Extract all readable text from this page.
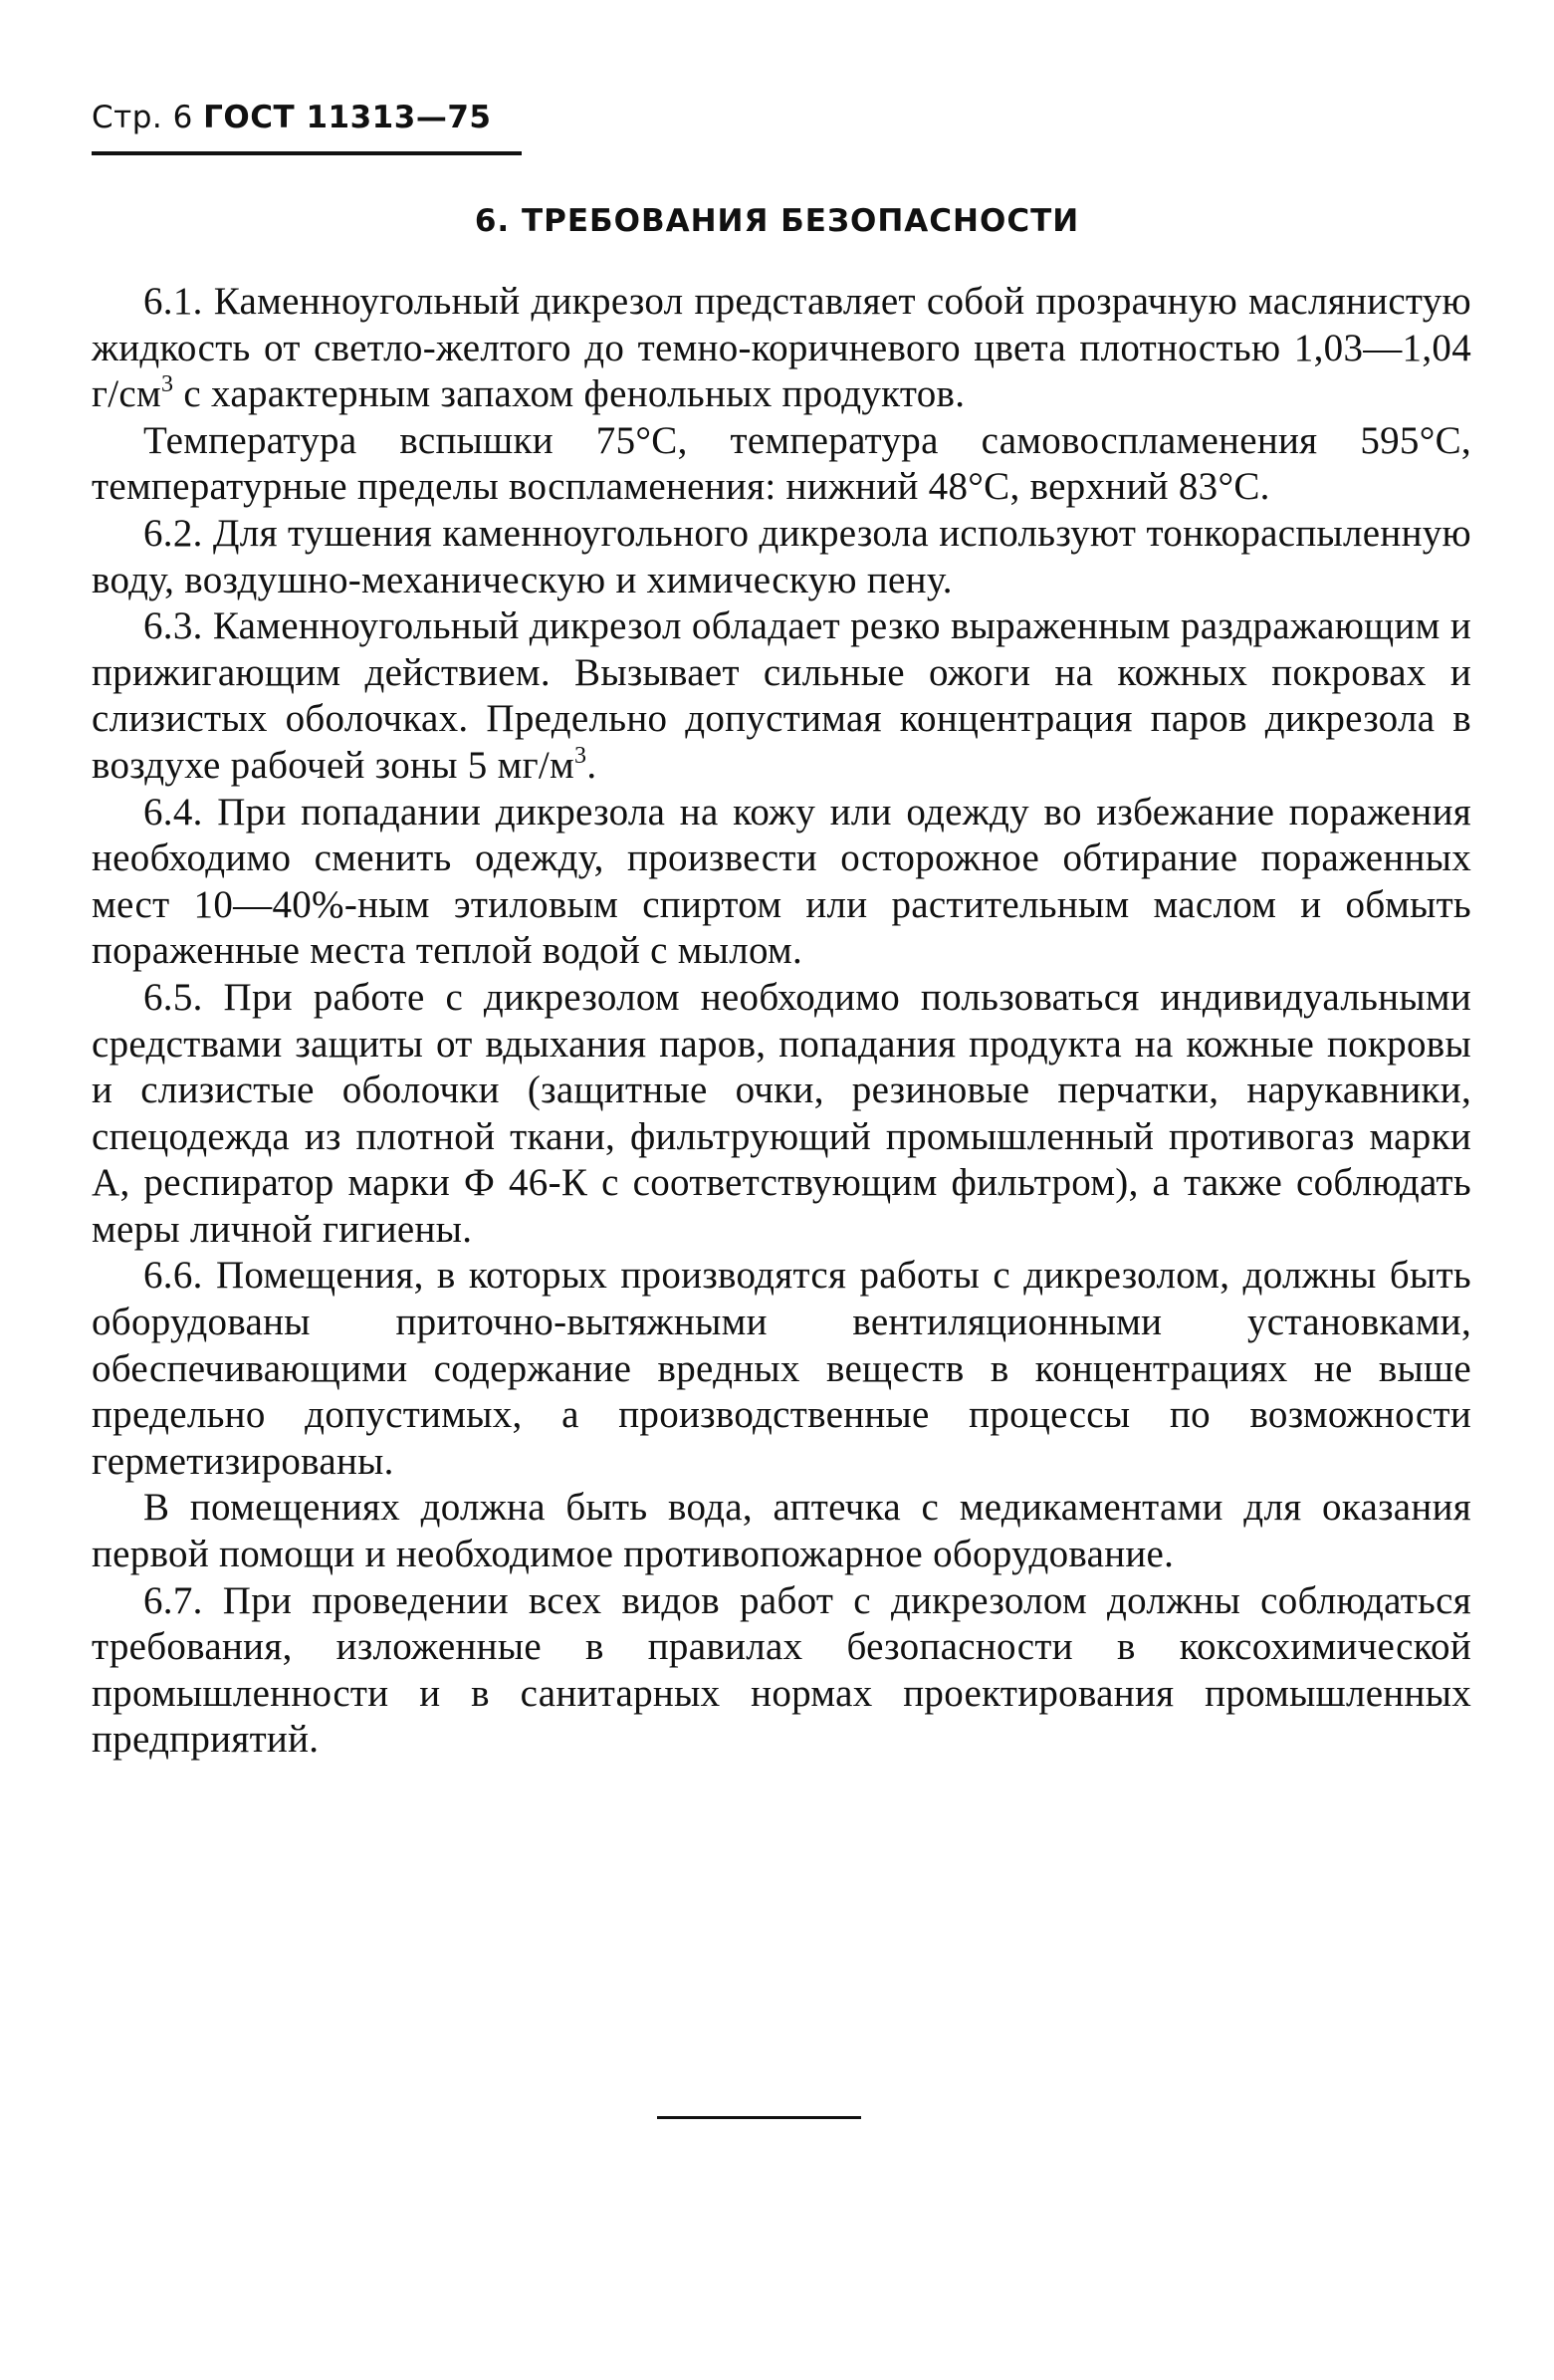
Стр. 6 ГОСТ 11313—75
6. ТРЕБОВАНИЯ БЕЗОПАСНОСТИ

6.1. Каменноугольный дикрезол представляет собой прозрачную маслянистую жидкость от светло-желтого до темно-коричневого цвета плотностью 1,03—1,04 $г/см^3$ с характерным запахом фенольных продуктов.

Температура вспышки 75°С, температура самовоспламенения 595°С, температурные пределы воспламенения: нижний 48°С, верхний 83°С.

6.2. Для тушения каменноугольного дикрезола используют тонкораспыленную воду, воздушно-механическую и химическую пену.

6.3. Каменноугольный дикрезол обладает резко выраженным раздражающим и прижигающим действием. Вызывает сильные ожоги на кожных покровах и слизистых оболочках. Предельно допустимая концентрация паров дикрезола в воздухе рабочей зоны 5 $мг/м^3$.

6.4. При попадании дикрезола на кожу или одежду во избежание поражения необходимо сменить одежду, произвести осторожное обтирание пораженных мест 10—40%-ным этиловым спиртом или растительным маслом и обмыть пораженные места теплой водой с мылом.

6.5. При работе с дикрезолом необходимо пользоваться индивидуальными средствами защиты от вдыхания паров, попадания продукта на кожные покровы и слизистые оболочки (защитные очки, резиновые перчатки, нарукавники, спецодежда из плотной ткани, фильтрующий промышленный противогаз марки А, респиратор марки Ф 46-К с соответствующим фильтром), а также соблюдать меры личной гигиены.

6.6. Помещения, в которых производятся работы с дикрезолом, должны быть оборудованы приточно-вытяжными вентиляционными установками, обеспечивающими содержание вредных веществ в концентрациях не выше предельно допустимых, а производственные процессы по возможности герметизированы.

В помещениях должна быть вода, аптечка с медикаментами для оказания первой помощи и необходимое противопожарное оборудование.

6.7. При проведении всех видов работ с дикрезолом должны соблюдаться требования, изложенные в правилах безопасности в коксохимической промышленности и в санитарных нормах проектирования промышленных предприятий.
